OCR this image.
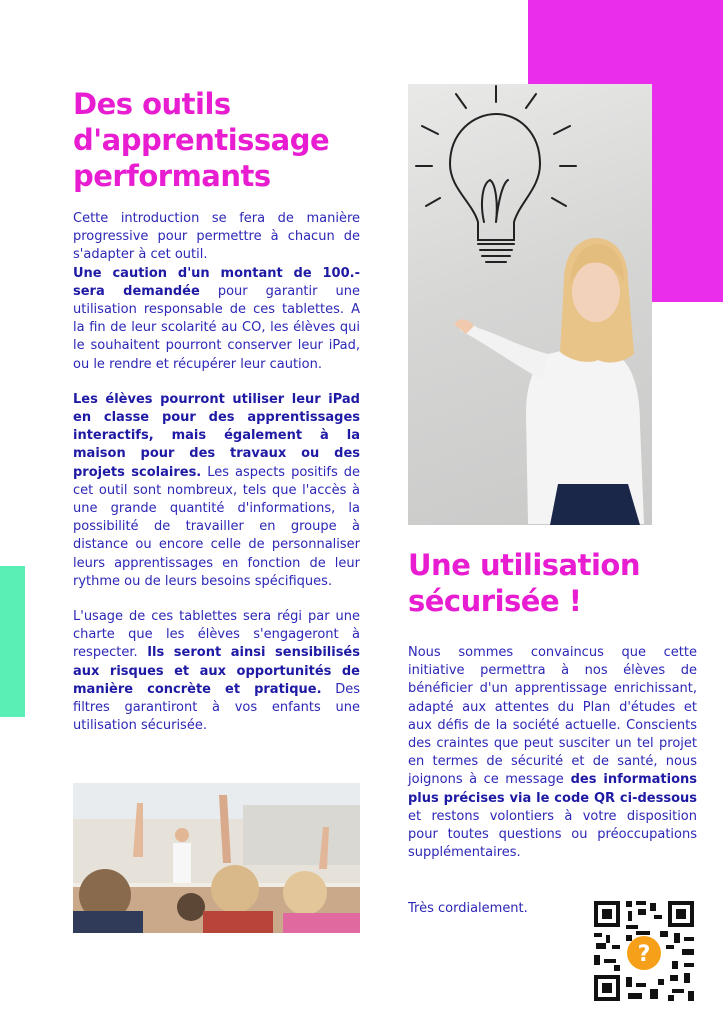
Des outils
d'apprentissage
performants

Cette introduction se fera de manière progressive pour permettre à chacun de s'adapter à cet outil.
Une caution d'un montant de 100.- sera demandée pour garantir une utilisation responsable de ces tablettes. A la fin de leur scolarité au CO, les élèves qui le souhaitent pourront conserver leur iPad, ou le rendre et récupérer leur caution.

Les élèves pourront utiliser leur iPad en classe pour des apprentissages interactifs, mais également à la maison pour des travaux ou des projets scolaires. Les aspects positifs de cet outil sont nombreux, tels que l'accès à une grande quantité d'informations, la possibilité de travailler en groupe à distance ou encore celle de personnaliser leurs apprentissages en fonction de leur rythme ou de leurs besoins spécifiques.

L'usage de ces tablettes sera régi par une charte que les élèves s'engageront à respecter. Ils seront ainsi sensibilisés aux risques et aux opportunités de manière concrète et pratique. Des filtres garantiront à vos enfants une utilisation sécurisée.

Une utilisation
sécurisée !

Nous sommes convaincus que cette initiative permettra à nos élèves de bénéficier d'un apprentissage enrichissant, adapté aux attentes du Plan d'études et aux défis de la société actuelle. Conscients des craintes que peut susciter un tel projet en termes de sécurité et de santé, nous joignons à ce message des informations plus précises via le code QR ci-dessous et restons volontiers à votre disposition pour toutes questions ou préoccupations supplémentaires.

Très cordialement.
?
